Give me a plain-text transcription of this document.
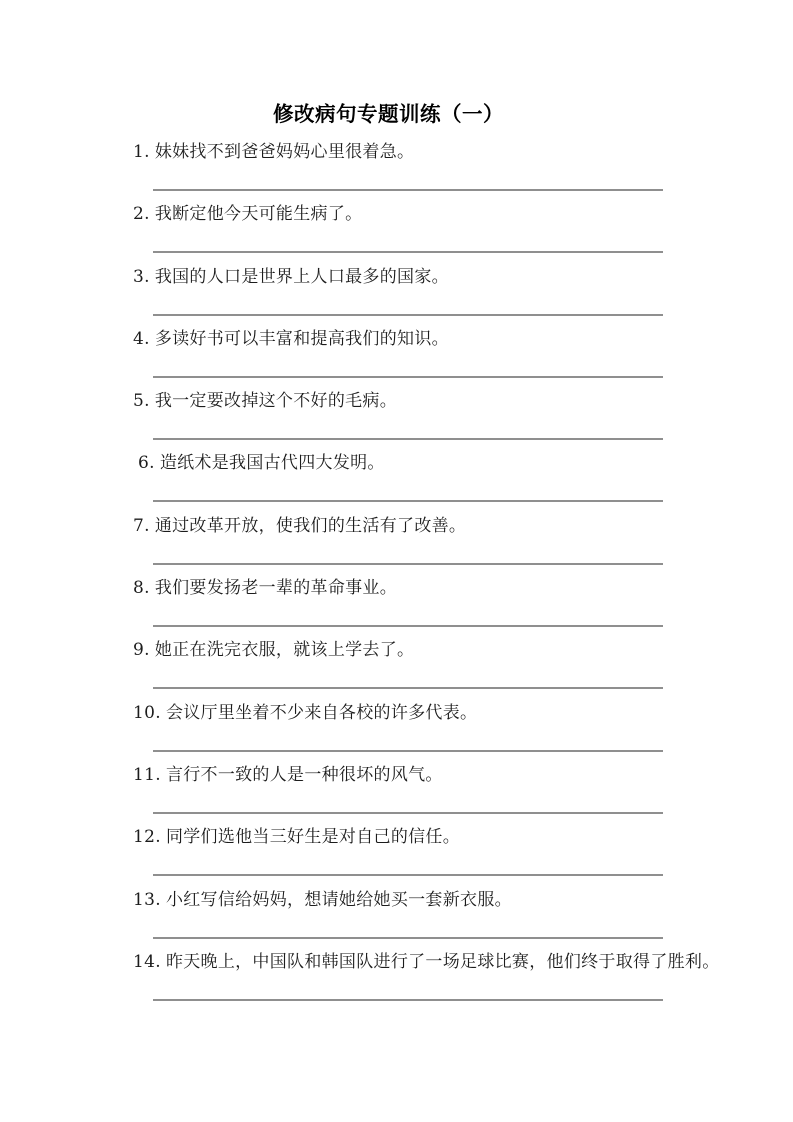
修改病句专题训练（一）

1. 妹妹找不到爸爸妈妈心里很着急。

2. 我断定他今天可能生病了。

3. 我国的人口是世界上人口最多的国家。

4. 多读好书可以丰富和提高我们的知识。

5. 我一定要改掉这个不好的毛病。

6. 造纸术是我国古代四大发明。

7. 通过改革开放，使我们的生活有了改善。

8. 我们要发扬老一辈的革命事业。

9. 她正在洗完衣服，就该上学去了。

10. 会议厅里坐着不少来自各校的许多代表。

11. 言行不一致的人是一种很坏的风气。

12. 同学们选他当三好生是对自己的信任。

13. 小红写信给妈妈，想请她给她买一套新衣服。

14. 昨天晚上，中国队和韩国队进行了一场足球比赛，他们终于取得了胜利。
